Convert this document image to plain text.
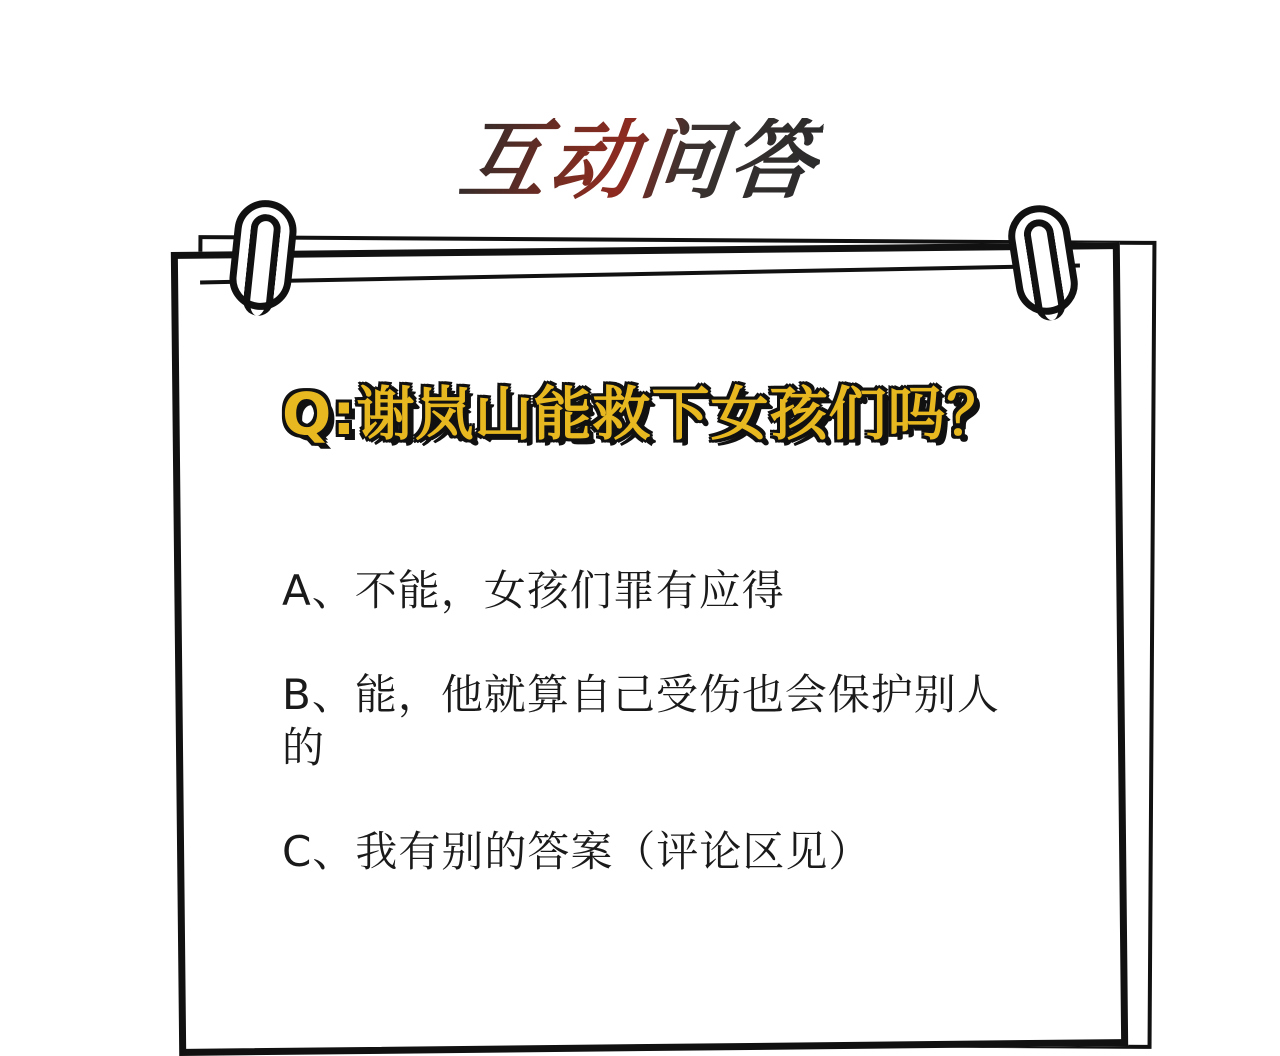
互动问答

Q:谢岚山能救下女孩们吗？

A、不能，女孩们罪有应得
B、能，他就算自己受伤也会保护别人的
C、我有别的答案（评论区见）
